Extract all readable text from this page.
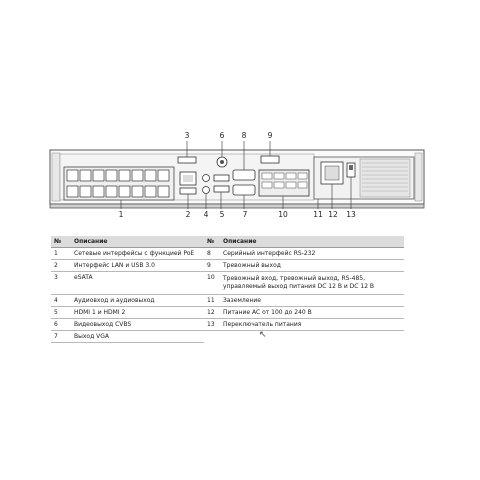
1	2
3
4 5
6
7
8	9
10	11 12 13
№	Описание	№	Описание
1	Сетевые интерфейсы с функцией PoE	8	Серийный интерфейс RS-232
2	Интерфейс LAN и USB 3.0	9	Тревожный выход
3	eSATA	10	Тревожный вход, тревожный выход, RS-485, управляемый выход питания DC 12 В и DC 12 В
4	Аудиовход и аудиовыход	11	Заземление
5	HDMI 1 и HDMI 2	12	Питание AC от 100 до 240 В
6	Видеовыход CVBS	13	Переключатель питания
7	Выход VGA			↖
